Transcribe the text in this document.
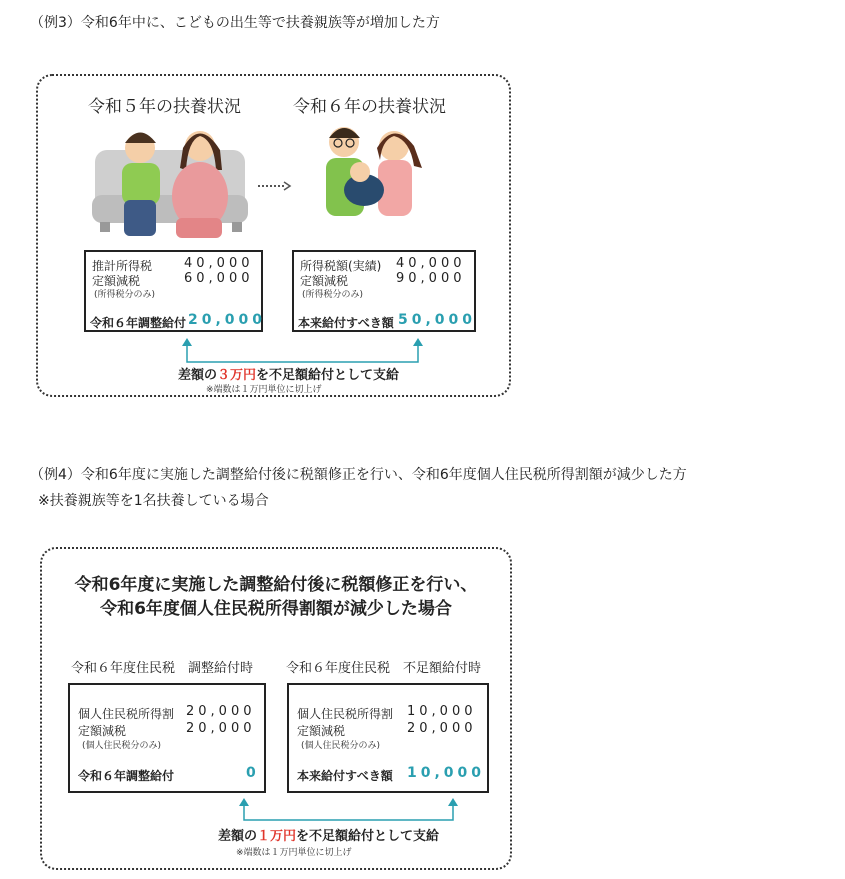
（例3）令和6年中に、こどもの出生等で扶養親族等が増加した方
令和５年の扶養状況	令和６年の扶養状況
推計所得税 40,000
定額減税	60,000
(所得税分のみ)
令和６年調整給付 20,000
所得税額(実績) 40,000
定額減税	90,000
(所得税分のみ)
本来給付すべき額 50,000
差額の３万円を不足額給付として支給
※端数は１万円単位に切上げ
（例4）令和6年度に実施した調整給付後に税額修正を行い、令和6年度個人住民税所得割額が減少した方
※扶養親族等を1名扶養している場合
令和6年度に実施した調整給付後に税額修正を行い、
令和6年度個人住民税所得割額が減少した場合
令和６年度住民税　調整給付時	令和６年度住民税　不足額給付時
個人住民税所得割 20,000
定額減税	20,000
(個人住民税分のみ)
令和６年調整給付	0
個人住民税所得割 10,000
定額減税	20,000
(個人住民税分のみ)
本来給付すべき額 10,000
差額の１万円を不足額給付として支給
※端数は１万円単位に切上げ
